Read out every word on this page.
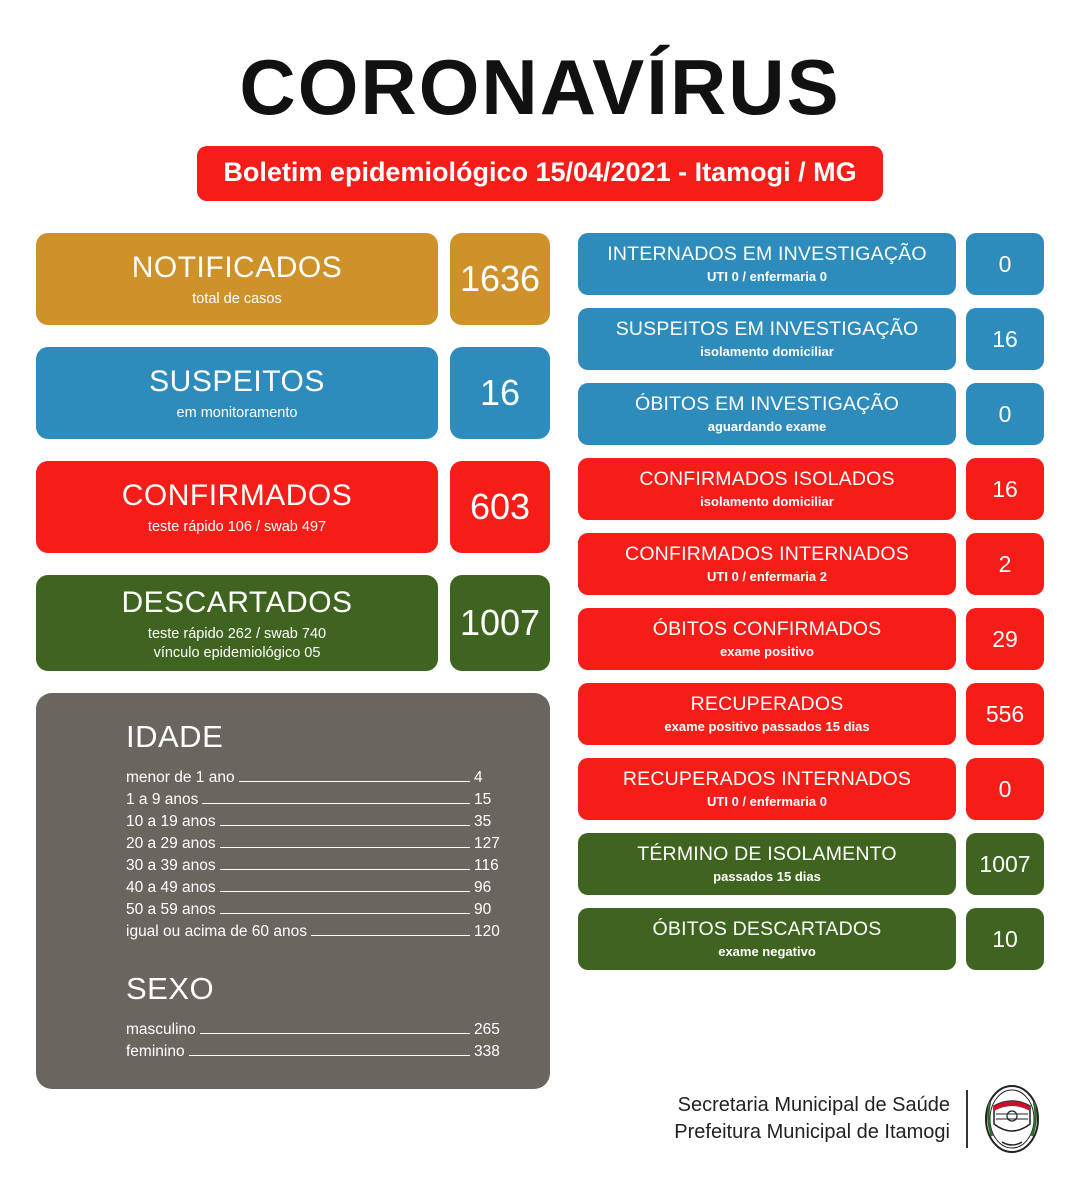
CORONAVÍRUS
Boletim epidemiológico 15/04/2021 - Itamogi / MG
NOTIFICADOS
total de casos
1636
SUSPEITOS
em monitoramento
16
CONFIRMADOS
teste rápido 106 / swab 497
603
DESCARTADOS
teste rápido 262 / swab 740
vínculo epidemiológico 05
1007
IDADE
menor de 1 ano	4
1 a 9 anos	15
10 a 19 anos	35
20 a 29 anos	127
30 a 39 anos	116
40 a 49 anos	96
50 a 59 anos	90
igual ou acima de 60 anos	120
SEXO
masculino	265
feminino	338
INTERNADOS EM INVESTIGAÇÃO
UTI 0 / enfermaria 0	0
SUSPEITOS EM INVESTIGAÇÃO
isolamento domiciliar	16
ÓBITOS EM INVESTIGAÇÃO
aguardando exame	0
CONFIRMADOS ISOLADOS
isolamento domiciliar	16
CONFIRMADOS INTERNADOS
UTI 0 / enfermaria 2	2
ÓBITOS CONFIRMADOS
exame positivo	29
RECUPERADOS
exame positivo passados 15 dias	556
RECUPERADOS INTERNADOS
UTI 0 / enfermaria 0	0
TÉRMINO DE ISOLAMENTO
passados 15 dias	1007
ÓBITOS DESCARTADOS
exame negativo	10
Secretaria Municipal de Saúde
Prefeitura Municipal de Itamogi
